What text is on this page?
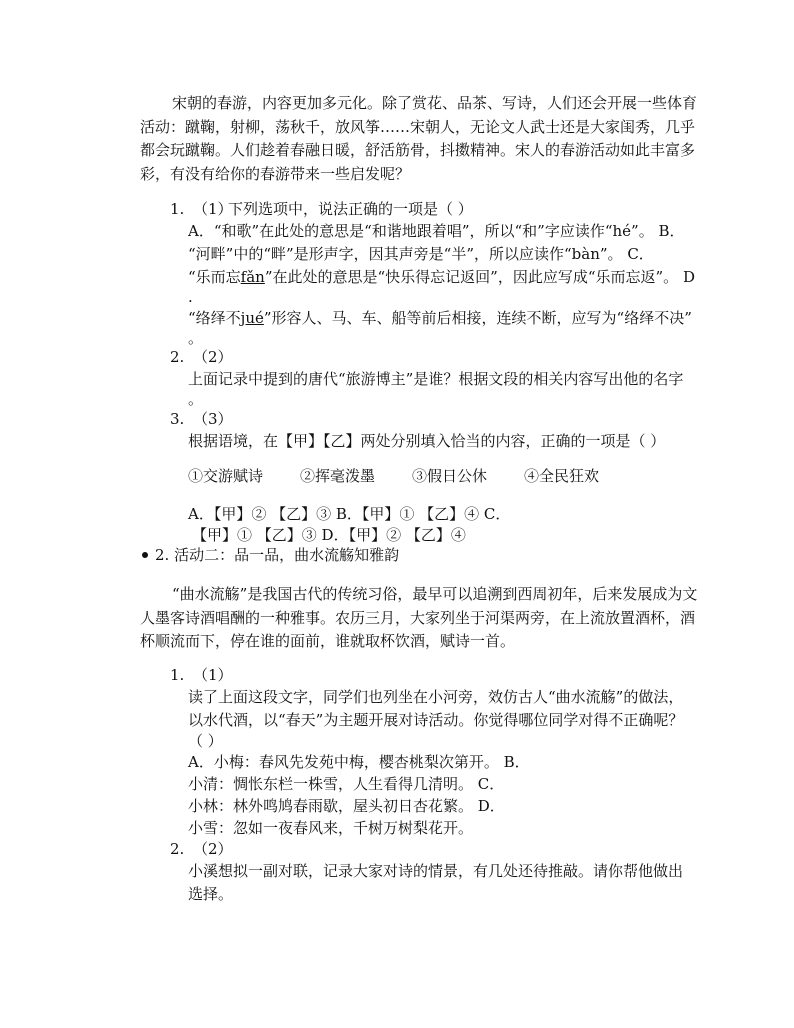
宋朝的春游，内容更加多元化。除了赏花、品茶、写诗，人们还会开展一些体育活动：蹴鞠，射柳，荡秋千，放风筝……宋朝人，无论文人武士还是大家闺秀，几乎都会玩蹴鞠。人们趁着春融日暖，舒活筋骨，抖擞精神。宋人的春游活动如此丰富多彩，有没有给你的春游带来一些启发呢？
1. （1）
下列选项中，说法正确的一项是（ ）
A．“和歌”在此处的意思是“和谐地跟着唱”，所以“和”字应读作“hé”。 B．
“河畔”中的“畔”是形声字，因其声旁是“半”，所以应读作“bàn”。 C．
“乐而忘fǎn”在此处的意思是“快乐得忘记返回”，因此应写成“乐而忘返”。 D
.
“络绎不jué”形容人、马、车、船等前后相接，连续不断，应写为“络绎不决”
。
2. （2）
上面记录中提到的唐代“旅游博主”是谁？根据文段的相关内容写出他的名字
。
3. （3）
根据语境，在【甲】【乙】两处分别填入恰当的内容，正确的一项是（ ）
①交游赋诗 ②挥毫泼墨 ③假日公休 ④全民狂欢
A．【甲】② 【乙】③ B．【甲】① 【乙】④ C．
【甲】① 【乙】③ D．【甲】② 【乙】④
2. 活动二：品一品，曲水流觞知雅韵
“曲水流觞”是我国古代的传统习俗，最早可以追溯到西周初年，后来发展成为文人墨客诗酒唱酬的一种雅事。农历三月，大家列坐于河渠两旁，在上流放置酒杯，酒杯顺流而下，停在谁的面前，谁就取杯饮酒，赋诗一首。
1. （1）
读了上面这段文字，同学们也列坐在小河旁，效仿古人“曲水流觞”的做法，
以水代酒，以“春天”为主题开展对诗活动。你觉得哪位同学对得不正确呢？
（ ）
A．小梅：春风先发苑中梅，樱杏桃梨次第开。 B．
小清：惆怅东栏一株雪，人生看得几清明。 C．
小林：林外鸣鸠春雨歇，屋头初日杏花繁。 D．
小雪：忽如一夜春风来，千树万树梨花开。
2. （2）
小溪想拟一副对联，记录大家对诗的情景，有几处还待推敲。请你帮他做出
选择。
